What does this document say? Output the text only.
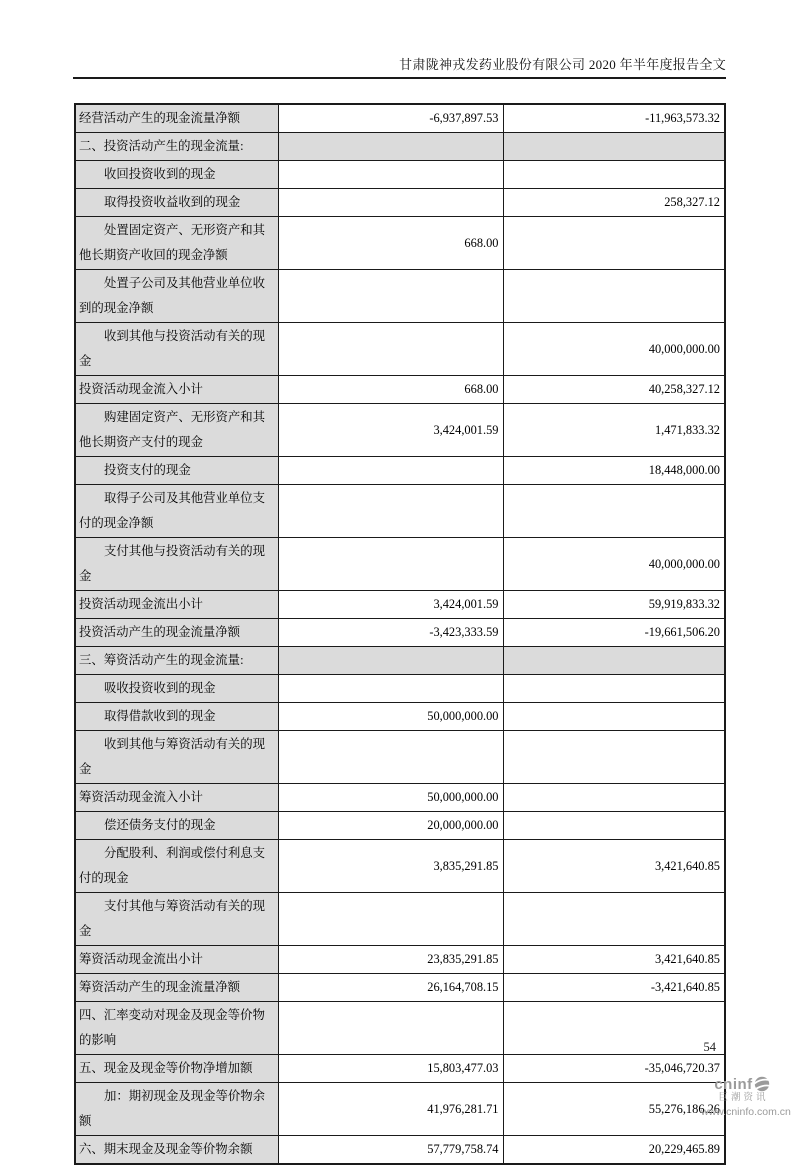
甘肃陇神戎发药业股份有限公司 2020 年半年度报告全文
经营活动产生的现金流量净额	-6,937,897.53	-11,963,573.32
二、投资活动产生的现金流量:		
收回投资收到的现金		
取得投资收益收到的现金		258,327.12
处置固定资产、无形资产和其他长期资产收回的现金净额	668.00	
处置子公司及其他营业单位收到的现金净额		
收到其他与投资活动有关的现金		40,000,000.00
投资活动现金流入小计	668.00	40,258,327.12
购建固定资产、无形资产和其他长期资产支付的现金	3,424,001.59	1,471,833.32
投资支付的现金		18,448,000.00
取得子公司及其他营业单位支付的现金净额		
支付其他与投资活动有关的现金		40,000,000.00
投资活动现金流出小计	3,424,001.59	59,919,833.32
投资活动产生的现金流量净额	-3,423,333.59	-19,661,506.20
三、筹资活动产生的现金流量:		
吸收投资收到的现金		
取得借款收到的现金	50,000,000.00	
收到其他与筹资活动有关的现金		
筹资活动现金流入小计	50,000,000.00	
偿还债务支付的现金	20,000,000.00	
分配股利、利润或偿付利息支付的现金	3,835,291.85	3,421,640.85
支付其他与筹资活动有关的现金		
筹资活动现金流出小计	23,835,291.85	3,421,640.85
筹资活动产生的现金流量净额	26,164,708.15	-3,421,640.85
四、汇率变动对现金及现金等价物的影响		
五、现金及现金等价物净增加额	15,803,477.03	-35,046,720.37
加：期初现金及现金等价物余额	41,976,281.71	55,276,186.26
六、期末现金及现金等价物余额	57,779,758.74	20,229,465.89
54
cninf
巨潮资讯
www.cninfo.com.cn
